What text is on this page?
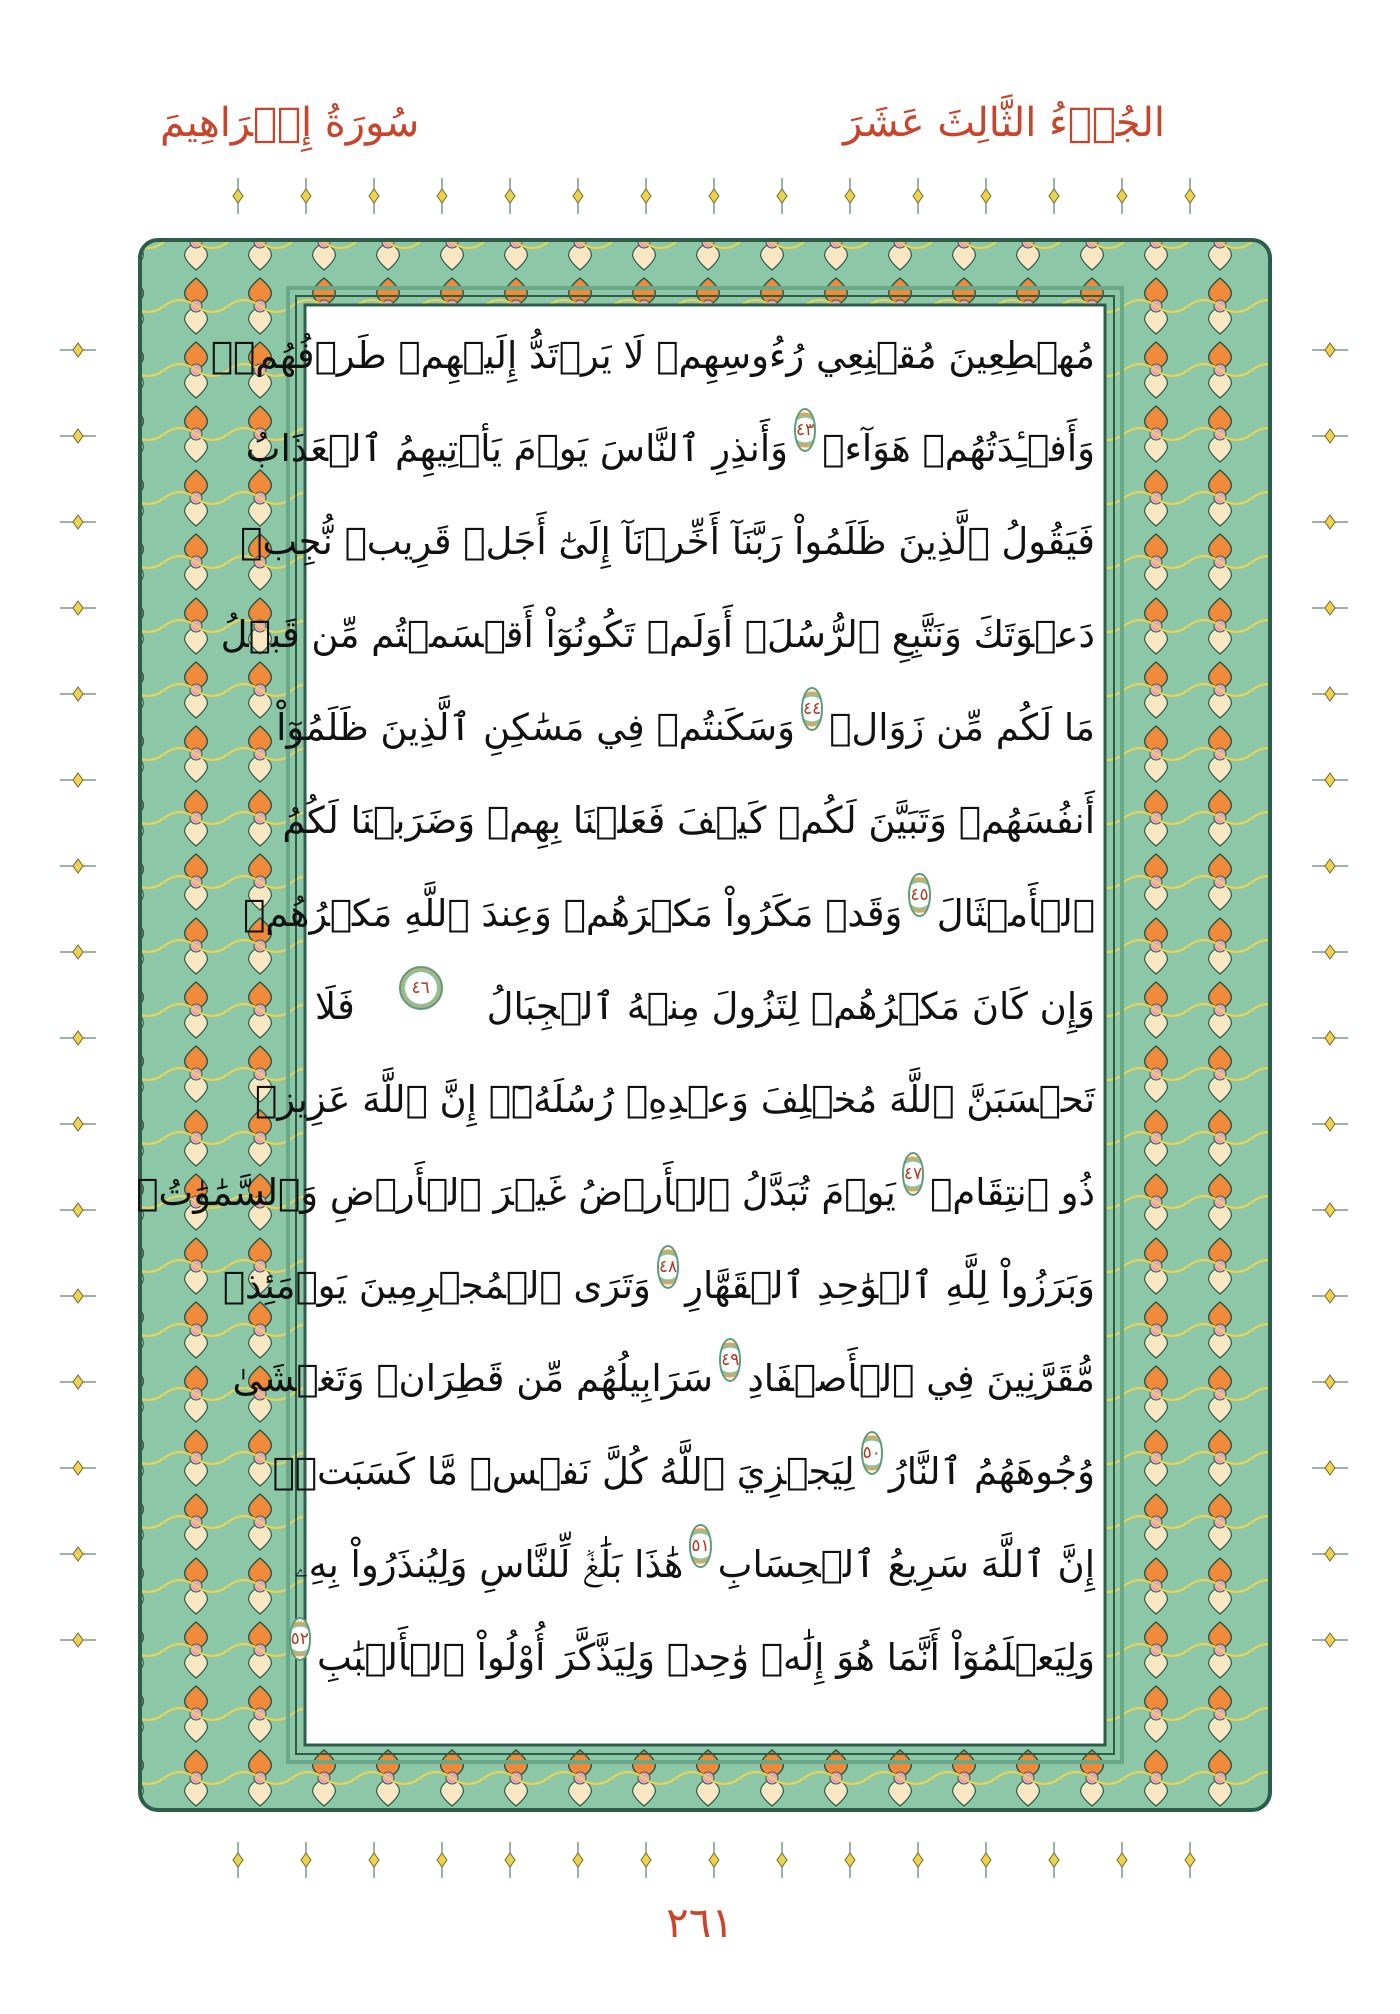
الجُزۡءُ الثَّالِثَ عَشَرَ
سُورَةُ إِبۡرَاهِيمَ
مُهۡطِعِينَ مُقۡنِعِي رُءُوسِهِمۡ لَا يَرۡتَدُّ إِلَيۡهِمۡ طَرۡفُهُمۡۖ
وَأَفۡـِٔدَتُهُمۡ هَوَآءٞ
٤٣
وَأَنذِرِ ٱلنَّاسَ يَوۡمَ يَأۡتِيهِمُ ٱلۡعَذَابُ
فَيَقُولُ ٱلَّذِينَ ظَلَمُواْ رَبَّنَآ أَخِّرۡنَآ إِلَىٰٓ أَجَلٖ قَرِيبٖ نُّجِبۡ
دَعۡوَتَكَ وَنَتَّبِعِ ٱلرُّسُلَۗ أَوَلَمۡ تَكُونُوٓاْ أَقۡسَمۡتُم مِّن قَبۡلُ
مَا لَكُم مِّن زَوَالٖ
٤٤
وَسَكَنتُمۡ فِي مَسَٰكِنِ ٱلَّذِينَ ظَلَمُوٓاْ
أَنفُسَهُمۡ وَتَبَيَّنَ لَكُمۡ كَيۡفَ فَعَلۡنَا بِهِمۡ وَضَرَبۡنَا لَكُمُ
ٱلۡأَمۡثَالَ
٤٥
وَقَدۡ مَكَرُواْ مَكۡرَهُمۡ وَعِندَ ٱللَّهِ مَكۡرُهُمۡ
وَإِن كَانَ مَكۡرُهُمۡ لِتَزُولَ مِنۡهُ ٱلۡجِبَالُ
٤٦
فَلَا
تَحۡسَبَنَّ ٱللَّهَ مُخۡلِفَ وَعۡدِهِۦ رُسُلَهُۥٓۚ إِنَّ ٱللَّهَ عَزِيزٞ
ذُو ٱنتِقَامٖ
٤٧
يَوۡمَ تُبَدَّلُ ٱلۡأَرۡضُ غَيۡرَ ٱلۡأَرۡضِ وَٱلسَّمَٰوَٰتُۖ
وَبَرَزُواْ لِلَّهِ ٱلۡوَٰحِدِ ٱلۡقَهَّارِ
٤٨
وَتَرَى ٱلۡمُجۡرِمِينَ يَوۡمَئِذٖ
مُّقَرَّنِينَ فِي ٱلۡأَصۡفَادِ
٤٩
سَرَابِيلُهُم مِّن قَطِرَانٖ وَتَغۡشَىٰ
وُجُوهَهُمُ ٱلنَّارُ
٥٠
لِيَجۡزِيَ ٱللَّهُ كُلَّ نَفۡسٖ مَّا كَسَبَتۡۚ
إِنَّ ٱللَّهَ سَرِيعُ ٱلۡحِسَابِ
٥١
هَٰذَا بَلَٰغٞ لِّلنَّاسِ وَلِيُنذَرُواْ بِهِۦ
وَلِيَعۡلَمُوٓاْ أَنَّمَا هُوَ إِلَٰهٞ وَٰحِدٞ وَلِيَذَّكَّرَ أُوْلُواْ ٱلۡأَلۡبَٰبِ
٥٢
٢٦١
